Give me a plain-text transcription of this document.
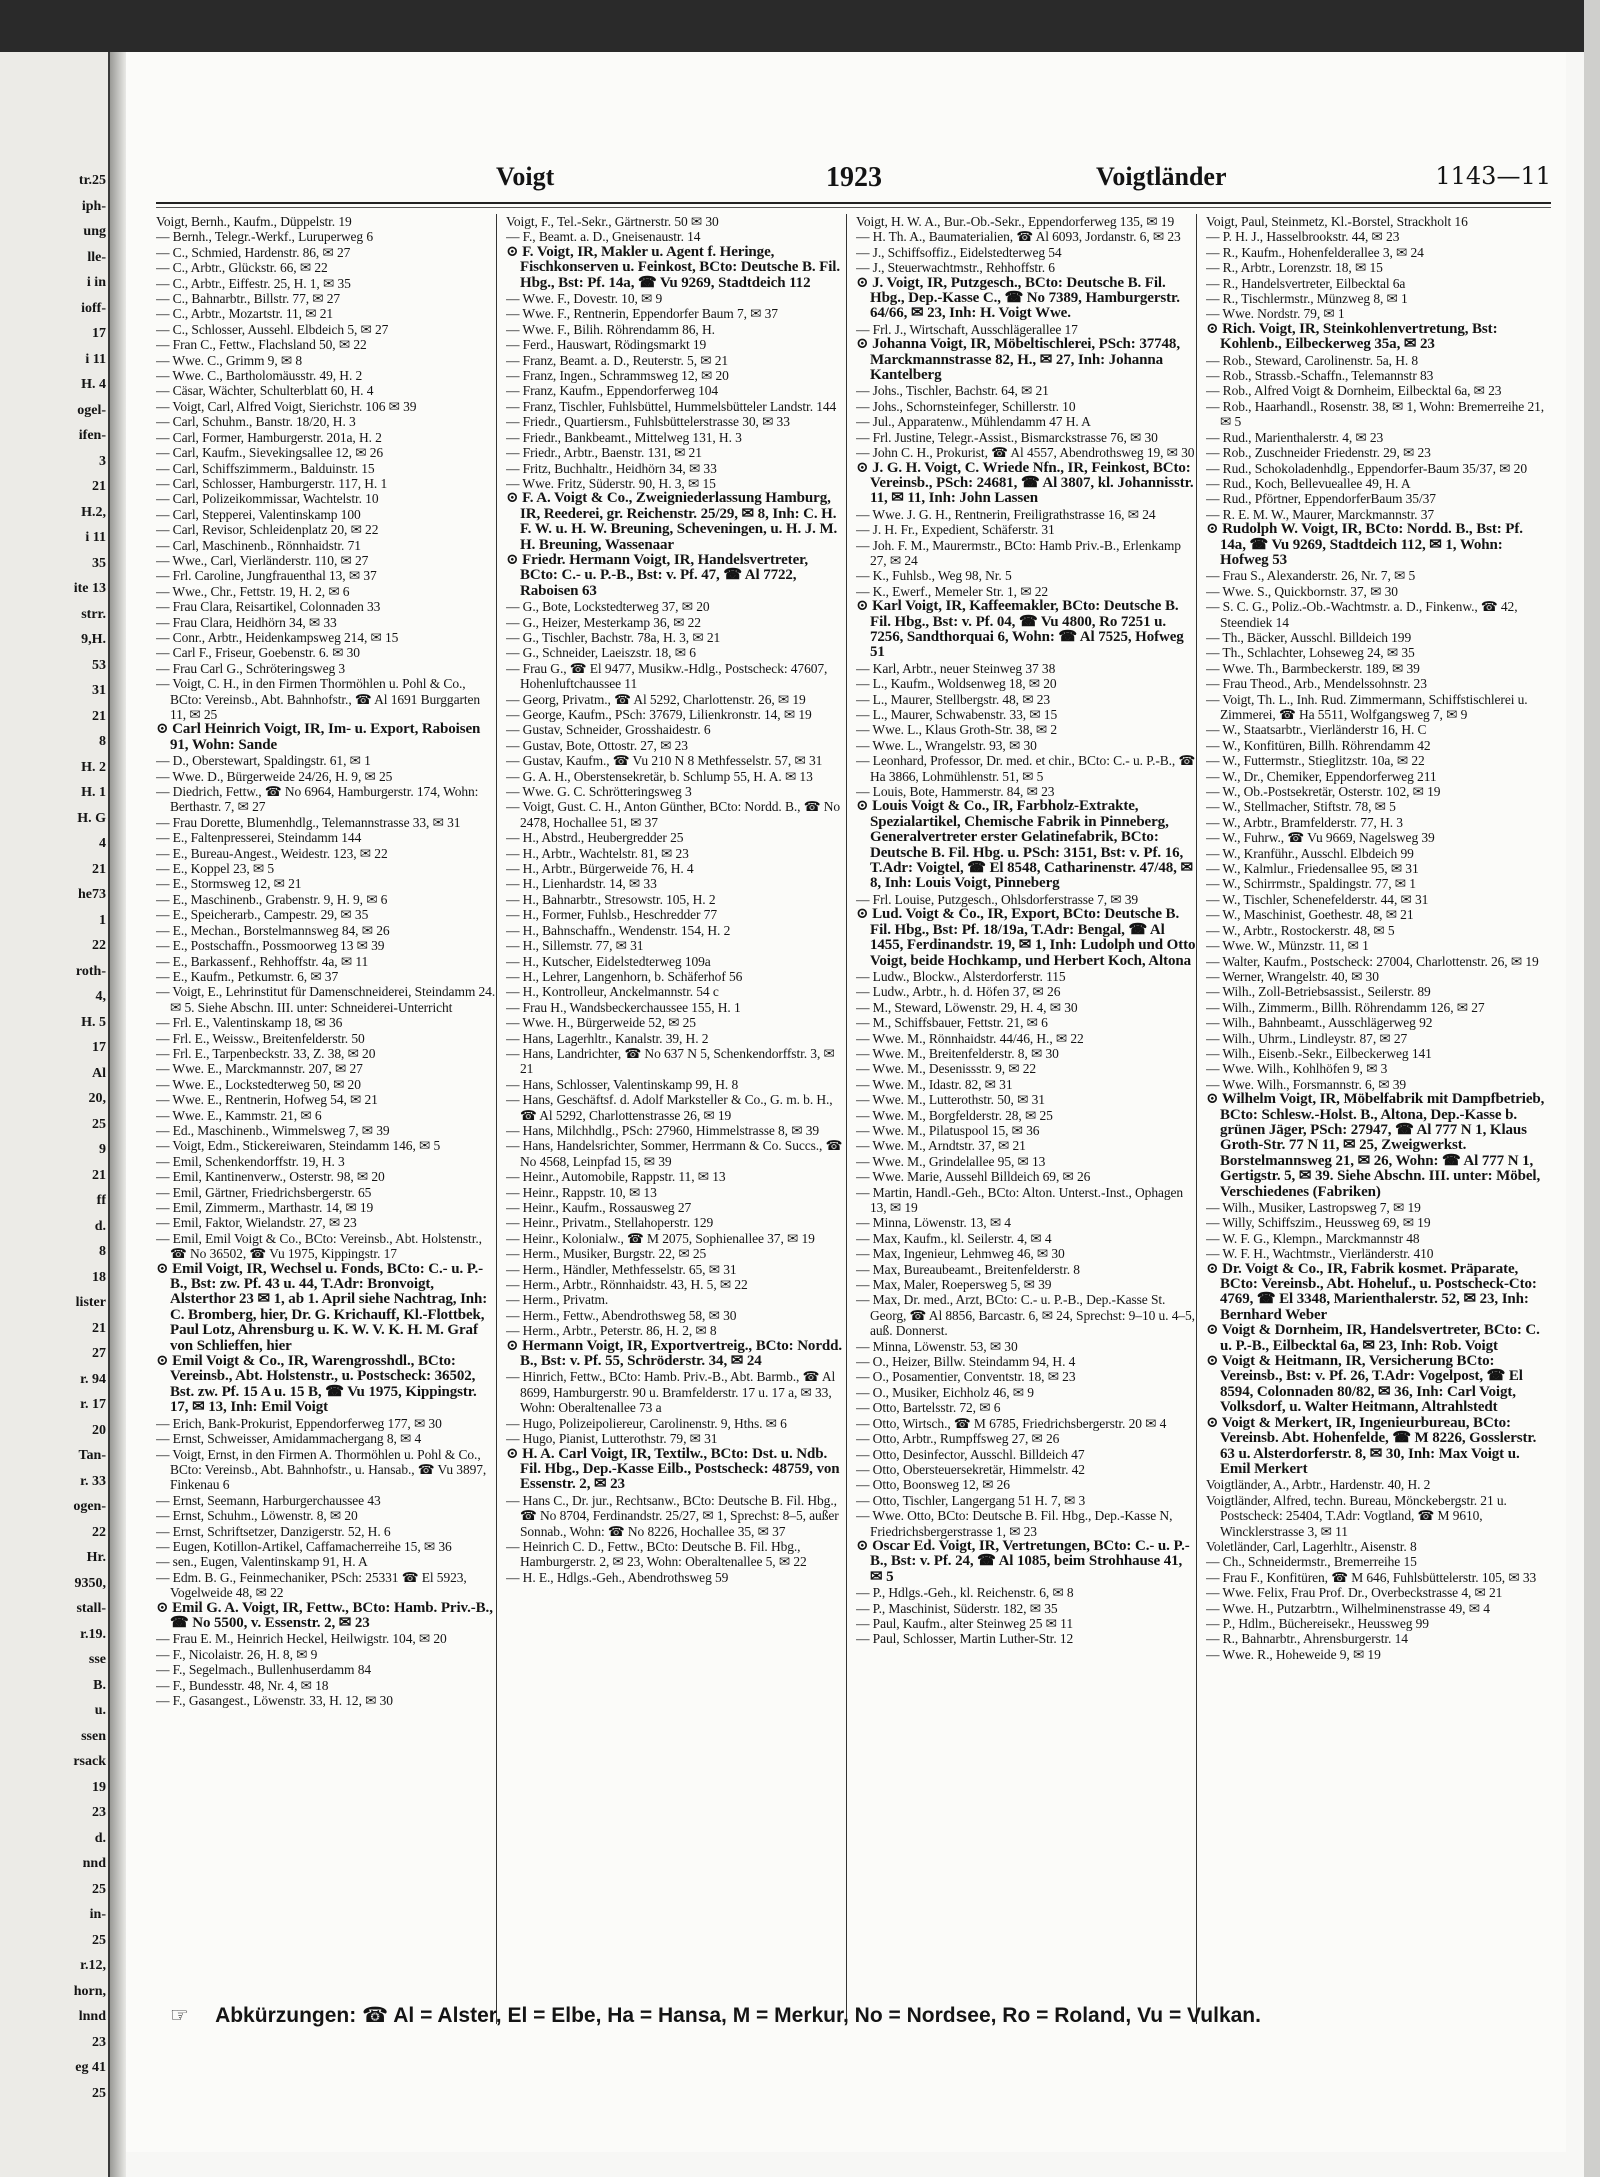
tr.25
iph-
ung
lle-
i in
ioff-
17
i 11
H. 4
ogel-
ifen-
3
21
H.2,
i 11
35
ite 13
strr.
9,H.
53
31
21
8
H. 2
H. 1
H. G
4
21
he73
1
22
roth-
4,
H. 5
17
Al
20,
25
9
21
ff
d.
8
18
lister
21
27
r. 94
r. 17
20
Tan-
r. 33
ogen-
22
Hr.
9350,
stall-
r.19.
sse
B.
u.
ssen
rsack
19
23
d.
nnd
25
in-
25
r.12,
horn,
lnnd
23
eg 41
25
Voigt	1923	Voigtländer	1143—11

Voigt, Bernh., Kaufm., Düppelstr. 19

— Bernh., Telegr.-Werkf., Luruperweg 6

— C., Schmied, Hardenstr. 86, ✉ 27

— C., Arbtr., Glückstr. 66, ✉ 22

— C., Arbtr., Eiffestr. 25, H. 1, ✉ 35

— C., Bahnarbtr., Billstr. 77, ✉ 27

— C., Arbtr., Mozartstr. 11, ✉ 21

— C., Schlosser, Aussehl. Elbdeich 5, ✉ 27

— Fran C., Fettw., Flachsland 50, ✉ 22

— Wwe. C., Grimm 9, ✉ 8

— Wwe. C., Bartholomäusstr. 49, H. 2

— Cäsar, Wächter, Schulterblatt 60, H. 4

— Voigt, Carl, Alfred Voigt, Sierichstr. 106 ✉ 39

— Carl, Schuhm., Banstr. 18/20, H. 3

— Carl, Former, Hamburgerstr. 201a, H. 2

— Carl, Kaufm., Sievekingsallee 12, ✉ 26

— Carl, Schiffszimmerm., Balduinstr. 15

— Carl, Schlosser, Hamburgerstr. 117, H. 1

— Carl, Polizeikommissar, Wachtelstr. 10

— Carl, Stepperei, Valentinskamp 100

— Carl, Revisor, Schleidenplatz 20, ✉ 22

— Carl, Maschinenb., Rönnhaidstr. 71

— Wwe., Carl, Vierländerstr. 110, ✉ 27

— Frl. Caroline, Jungfrauenthal 13, ✉ 37

— Wwe., Chr., Fettstr. 19, H. 2, ✉ 6

— Frau Clara, Reisartikel, Colonnaden 33

— Frau Clara, Heidhörn 34, ✉ 33

— Conr., Arbtr., Heidenkampsweg 214, ✉ 15

— Carl F., Friseur, Goebenstr. 6. ✉ 30

— Frau Carl G., Schröteringsweg 3

— Voigt, C. H., in den Firmen Thormöhlen u. Pohl & Co., BCto: Vereinsb., Abt. Bahnhofstr., ☎ Al 1691 Burggarten 11, ✉ 25

⊙ Carl Heinrich Voigt, IR, Im- u. Export, Raboisen 91, Wohn: Sande

— D., Oberstewart, Spaldingstr. 61, ✉ 1

— Wwe. D., Bürgerweide 24/26, H. 9, ✉ 25

— Diedrich, Fettw., ☎ No 6964, Hamburgerstr. 174, Wohn: Berthastr. 7, ✉ 27

— Frau Dorette, Blumenhdlg., Telemannstrasse 33, ✉ 31

— E., Faltenpresserei, Steindamm 144

— E., Bureau-Angest., Weidestr. 123, ✉ 22

— E., Koppel 23, ✉ 5

— E., Stormsweg 12, ✉ 21

— E., Maschinenb., Grabenstr. 9, H. 9, ✉ 6

— E., Speicherarb., Campestr. 29, ✉ 35

— E., Mechan., Borstelmannsweg 84, ✉ 26

— E., Postschaffn., Possmoorweg 13 ✉ 39

— E., Barkassenf., Rehhoffstr. 4a, ✉ 11

— E., Kaufm., Petkumstr. 6, ✉ 37

— Voigt, E., Lehrinstitut für Damenschneiderei, Steindamm 24. ✉ 5. Siehe Abschn. III. unter: Schneiderei-Unterricht

— Frl. E., Valentinskamp 18, ✉ 36

— Frl. E., Weissw., Breitenfelderstr. 50

— Frl. E., Tarpenbeckstr. 33, Z. 38, ✉ 20

— Wwe. E., Marckmannstr. 207, ✉ 27

— Wwe. E., Lockstedterweg 50, ✉ 20

— Wwe. E., Rentnerin, Hofweg 54, ✉ 21

— Wwe. E., Kammstr. 21, ✉ 6

— Ed., Maschinenb., Wimmelsweg 7, ✉ 39

— Voigt, Edm., Stickereiwaren, Steindamm 146, ✉ 5

— Emil, Schenkendorffstr. 19, H. 3

— Emil, Kantinenverw., Osterstr. 98, ✉ 20

— Emil, Gärtner, Friedrichsbergerstr. 65

— Emil, Zimmerm., Marthastr. 14, ✉ 19

— Emil, Faktor, Wielandstr. 27, ✉ 23

— Emil, Emil Voigt & Co., BCto: Vereinsb., Abt. Holstenstr., ☎ No 36502, ☎ Vu 1975, Kippingstr. 17

⊙ Emil Voigt, IR, Wechsel u. Fonds, BCto: C.- u. P.-B., Bst: zw. Pf. 43 u. 44, T.Adr: Bronvoigt, Alsterthor 23 ✉ 1, ab 1. April siehe Nachtrag, Inh: C. Bromberg, hier, Dr. G. Krichauff, Kl.-Flottbek, Paul Lotz, Ahrensburg u. K. W. V. K. H. M. Graf von Schlieffen, hier

⊙ Emil Voigt & Co., IR, Warengrosshdl., BCto: Vereinsb., Abt. Holstenstr., u. Postscheck: 36502, Bst. zw. Pf. 15 A u. 15 B, ☎ Vu 1975, Kippingstr. 17, ✉ 13, Inh: Emil Voigt

— Erich, Bank-Prokurist, Eppendorferweg 177, ✉ 30

— Ernst, Schweisser, Amidammachergang 8, ✉ 4

— Voigt, Ernst, in den Firmen A. Thormöhlen u. Pohl & Co., BCto: Vereinsb., Abt. Bahnhofstr., u. Hansab., ☎ Vu 3897, Finkenau 6

— Ernst, Seemann, Harburgerchaussee 43

— Ernst, Schuhm., Löwenstr. 8, ✉ 20

— Ernst, Schriftsetzer, Danzigerstr. 52, H. 6

— Eugen, Kotillon-Artikel, Caffamacherreihe 15, ✉ 36

— sen., Eugen, Valentinskamp 91, H. A

— Edm. B. G., Feinmechaniker, PSch: 25331 ☎ El 5923, Vogelweide 48, ✉ 22

⊙ Emil G. A. Voigt, IR, Fettw., BCto: Hamb. Priv.-B., ☎ No 5500, v. Essenstr. 2, ✉ 23

— Frau E. M., Heinrich Heckel, Heilwigstr. 104, ✉ 20

— F., Nicolaistr. 26, H. 8, ✉ 9

— F., Segelmach., Bullenhuserdamm 84

— F., Bundesstr. 48, Nr. 4, ✉ 18

— F., Gasangest., Löwenstr. 33, H. 12, ✉ 30

Voigt, F., Tel.-Sekr., Gärtnerstr. 50 ✉ 30

— F., Beamt. a. D., Gneisenaustr. 14

⊙ F. Voigt, IR, Makler u. Agent f. Heringe, Fischkonserven u. Feinkost, BCto: Deutsche B. Fil. Hbg., Bst: Pf. 14a, ☎ Vu 9269, Stadtdeich 112

— Wwe. F., Dovestr. 10, ✉ 9

— Wwe. F., Rentnerin, Eppendorfer Baum 7, ✉ 37

— Wwe. F., Bilih. Röhrendamm 86, H.

— Ferd., Hauswart, Rödingsmarkt 19

— Franz, Beamt. a. D., Reuterstr. 5, ✉ 21

— Franz, Ingen., Schrammsweg 12, ✉ 20

— Franz, Kaufm., Eppendorferweg 104

— Franz, Tischler, Fuhlsbüttel, Hummelsbütteler Landstr. 144

— Friedr., Quartiersm., Fuhlsbüttelerstrasse 30, ✉ 33

— Friedr., Bankbeamt., Mittelweg 131, H. 3

— Friedr., Arbtr., Baenstr. 131, ✉ 21

— Fritz, Buchhaltr., Heidhörn 34, ✉ 33

— Wwe. Fritz, Süderstr. 90, H. 3, ✉ 15

⊙ F. A. Voigt & Co., Zweigniederlassung Hamburg, IR, Reederei, gr. Reichenstr. 25/29, ✉ 8, Inh: C. H. F. W. u. H. W. Breuning, Scheveningen, u. H. J. M. H. Breuning, Wassenaar

⊙ Friedr. Hermann Voigt, IR, Handelsvertreter, BCto: C.- u. P.-B., Bst: v. Pf. 47, ☎ Al 7722, Raboisen 63

— G., Bote, Lockstedterweg 37, ✉ 20

— G., Heizer, Mesterkamp 36, ✉ 22

— G., Tischler, Bachstr. 78a, H. 3, ✉ 21

— G., Schneider, Laeiszstr. 18, ✉ 6

— Frau G., ☎ El 9477, Musikw.-Hdlg., Postscheck: 47607, Hohenluftchaussee 11

— Georg, Privatm., ☎ Al 5292, Charlottenstr. 26, ✉ 19

— George, Kaufm., PSch: 37679, Lilienkronstr. 14, ✉ 19

— Gustav, Schneider, Grosshaidestr. 6

— Gustav, Bote, Ottostr. 27, ✉ 23

— Gustav, Kaufm., ☎ Vu 210 N 8 Methfesselstr. 57, ✉ 31

— G. A. H., Oberstensekretär, b. Schlump 55, H. A. ✉ 13

— Wwe. G. C. Schrötteringsweg 3

— Voigt, Gust. C. H., Anton Günther, BCto: Nordd. B., ☎ No 2478, Hochallee 51, ✉ 37

— H., Abstrd., Heubergredder 25

— H., Arbtr., Wachtelstr. 81, ✉ 23

— H., Arbtr., Bürgerweide 76, H. 4

— H., Lienhardstr. 14, ✉ 33

— H., Bahnarbtr., Stresowstr. 105, H. 2

— H., Former, Fuhlsb., Heschredder 77

— H., Bahnschaffn., Wendenstr. 154, H. 2

— H., Sillemstr. 77, ✉ 31

— H., Kutscher, Eidelstedterweg 109a

— H., Lehrer, Langenhorn, b. Schäferhof 56

— H., Kontrolleur, Anckelmannstr. 54 c

— Frau H., Wandsbeckerchaussee 155, H. 1

— Wwe. H., Bürgerweide 52, ✉ 25

— Hans, Lagerhltr., Kanalstr. 39, H. 2

— Hans, Landrichter, ☎ No 637 N 5, Schenkendorffstr. 3, ✉ 21

— Hans, Schlosser, Valentinskamp 99, H. 8

— Hans, Geschäftsf. d. Adolf Marksteller & Co., G. m. b. H., ☎ Al 5292, Charlottenstrasse 26, ✉ 19

— Hans, Milchhdlg., PSch: 27960, Himmelstrasse 8, ✉ 39

— Hans, Handelsrichter, Sommer, Herrmann & Co. Succs., ☎ No 4568, Leinpfad 15, ✉ 39

— Heinr., Automobile, Rappstr. 11, ✉ 13

— Heinr., Rappstr. 10, ✉ 13

— Heinr., Kaufm., Rossausweg 27

— Heinr., Privatm., Stellahoperstr. 129

— Heinr., Kolonialw., ☎ M 2075, Sophienallee 37, ✉ 19

— Herm., Musiker, Burgstr. 22, ✉ 25

— Herm., Händler, Methfesselstr. 65, ✉ 31

— Herm., Arbtr., Rönnhaidstr. 43, H. 5, ✉ 22

— Herm., Privatm.

— Herm., Fettw., Abendrothsweg 58, ✉ 30

— Herm., Arbtr., Peterstr. 86, H. 2, ✉ 8

⊙ Hermann Voigt, IR, Exportvertreig., BCto: Nordd. B., Bst: v. Pf. 55, Schröderstr. 34, ✉ 24

— Hinrich, Fettw., BCto: Hamb. Priv.-B., Abt. Barmb., ☎ Al 8699, Hamburgerstr. 90 u. Bramfelderstr. 17 u. 17 a, ✉ 33, Wohn: Oberaltenallee 73 a

— Hugo, Polizeipoliereur, Carolinenstr. 9, Hths. ✉ 6

— Hugo, Pianist, Lutterothstr. 79, ✉ 31

⊙ H. A. Carl Voigt, IR, Textilw., BCto: Dst. u. Ndb. Fil. Hbg., Dep.-Kasse Eilb., Postscheck: 48759, von Essenstr. 2, ✉ 23

— Hans C., Dr. jur., Rechtsanw., BCto: Deutsche B. Fil. Hbg., ☎ No 8704, Ferdinandstr. 25/27, ✉ 1, Sprechst: 8–5, außer Sonnab., Wohn: ☎ No 8226, Hochallee 35, ✉ 37

— Heinrich C. D., Fettw., BCto: Deutsche B. Fil. Hbg., Hamburgerstr. 2, ✉ 23, Wohn: Oberaltenallee 5, ✉ 22

— H. E., Hdlgs.-Geh., Abendrothsweg 59

Voigt, H. W. A., Bur.-Ob.-Sekr., Eppendorferweg 135, ✉ 19

— H. Th. A., Baumaterialien, ☎ Al 6093, Jordanstr. 6, ✉ 23

— J., Schiffsoffiz., Eidelstedterweg 54

— J., Steuerwachtmstr., Rehhoffstr. 6

⊙ J. Voigt, IR, Putzgesch., BCto: Deutsche B. Fil. Hbg., Dep.-Kasse C., ☎ No 7389, Hamburgerstr. 64/66, ✉ 23, Inh: H. Voigt Wwe.

— Frl. J., Wirtschaft, Ausschlägerallee 17

⊙ Johanna Voigt, IR, Möbeltischlerei, PSch: 37748, Marckmannstrasse 82, H., ✉ 27, Inh: Johanna Kantelberg

— Johs., Tischler, Bachstr. 64, ✉ 21

— Johs., Schornsteinfeger, Schillerstr. 10

— Jul., Apparatenw., Mühlendamm 47 H. A

— Frl. Justine, Telegr.-Assist., Bismarckstrasse 76, ✉ 30

— John C. H., Prokurist, ☎ Al 4557, Abendrothsweg 19, ✉ 30

⊙ J. G. H. Voigt, C. Wriede Nfn., IR, Feinkost, BCto: Vereinsb., PSch: 24681, ☎ Al 3807, kl. Johannisstr. 11, ✉ 11, Inh: John Lassen

— Wwe. J. G. H., Rentnerin, Freiligrathstrasse 16, ✉ 24

— J. H. Fr., Expedient, Schäferstr. 31

— Joh. F. M., Maurermstr., BCto: Hamb Priv.-B., Erlenkamp 27, ✉ 24

— K., Fuhlsb., Weg 98, Nr. 5

— K., Ewerf., Memeler Str. 1, ✉ 22

⊙ Karl Voigt, IR, Kaffeemakler, BCto: Deutsche B. Fil. Hbg., Bst: v. Pf. 04, ☎ Vu 4800, Ro 7251 u. 7256, Sandthorquai 6, Wohn: ☎ Al 7525, Hofweg 51

— Karl, Arbtr., neuer Steinweg 37 38

— L., Kaufm., Woldsenweg 18, ✉ 20

— L., Maurer, Stellbergstr. 48, ✉ 23

— L., Maurer, Schwabenstr. 33, ✉ 15

— Wwe. L., Klaus Groth-Str. 38, ✉ 2

— Wwe. L., Wrangelstr. 93, ✉ 30

— Leonhard, Professor, Dr. med. et chir., BCto: C.- u. P.-B., ☎ Ha 3866, Lohmühlenstr. 51, ✉ 5

— Louis, Bote, Hammerstr. 84, ✉ 23

⊙ Louis Voigt & Co., IR, Farbholz-Extrakte, Spezialartikel, Chemische Fabrik in Pinneberg, Generalvertreter erster Gelatinefabrik, BCto: Deutsche B. Fil. Hbg. u. PSch: 3151, Bst: v. Pf. 16, T.Adr: Voigtel, ☎ El 8548, Catharinenstr. 47/48, ✉ 8, Inh: Louis Voigt, Pinneberg

— Frl. Louise, Putzgesch., Ohlsdorferstrasse 7, ✉ 39

⊙ Lud. Voigt & Co., IR, Export, BCto: Deutsche B. Fil. Hbg., Bst: Pf. 18/19a, T.Adr: Bengal, ☎ Al 1455, Ferdinandstr. 19, ✉ 1, Inh: Ludolph und Otto Voigt, beide Hochkamp, und Herbert Koch, Altona

— Ludw., Blockw., Alsterdorferstr. 115

— Ludw., Arbtr., h. d. Höfen 37, ✉ 26

— M., Steward, Löwenstr. 29, H. 4, ✉ 30

— M., Schiffsbauer, Fettstr. 21, ✉ 6

— Wwe. M., Rönnhaidstr. 44/46, H., ✉ 22

— Wwe. M., Breitenfelderstr. 8, ✉ 30

— Wwe. M., Desenissstr. 9, ✉ 22

— Wwe. M., Idastr. 82, ✉ 31

— Wwe. M., Lutterothstr. 50, ✉ 31

— Wwe. M., Borgfelderstr. 28, ✉ 25

— Wwe. M., Pilatuspool 15, ✉ 36

— Wwe. M., Arndtstr. 37, ✉ 21

— Wwe. M., Grindelallee 95, ✉ 13

— Wwe. Marie, Aussehl Billdeich 69, ✉ 26

— Martin, Handl.-Geh., BCto: Alton. Unterst.-Inst., Ophagen 13, ✉ 19

— Minna, Löwenstr. 13, ✉ 4

— Max, Kaufm., kl. Seilerstr. 4, ✉ 4

— Max, Ingenieur, Lehmweg 46, ✉ 30

— Max, Bureaubeamt., Breitenfelderstr. 8

— Max, Maler, Roepersweg 5, ✉ 39

— Max, Dr. med., Arzt, BCto: C.- u. P.-B., Dep.-Kasse St. Georg, ☎ Al 8856, Barcastr. 6, ✉ 24, Sprechst: 9–10 u. 4–5, auß. Donnerst.

— Minna, Löwenstr. 53, ✉ 30

— O., Heizer, Billw. Steindamm 94, H. 4

— O., Posamentier, Conventstr. 18, ✉ 23

— O., Musiker, Eichholz 46, ✉ 9

— Otto, Bartelsstr. 72, ✉ 6

— Otto, Wirtsch., ☎ M 6785, Friedrichsbergerstr. 20 ✉ 4

— Otto, Arbtr., Rumpffsweg 27, ✉ 26

— Otto, Desinfector, Ausschl. Billdeich 47

— Otto, Obersteuersekretär, Himmelstr. 42

— Otto, Boonsweg 12, ✉ 26

— Otto, Tischler, Langergang 51 H. 7, ✉ 3

— Wwe. Otto, BCto: Deutsche B. Fil. Hbg., Dep.-Kasse N, Friedrichsbergerstrasse 1, ✉ 23

⊙ Oscar Ed. Voigt, IR, Vertretungen, BCto: C.- u. P.-B., Bst: v. Pf. 24, ☎ Al 1085, beim Strohhause 41, ✉ 5

— P., Hdlgs.-Geh., kl. Reichenstr. 6, ✉ 8

— P., Maschinist, Süderstr. 182, ✉ 35

— Paul, Kaufm., alter Steinweg 25 ✉ 11

— Paul, Schlosser, Martin Luther-Str. 12

Voigt, Paul, Steinmetz, Kl.-Borstel, Strackholt 16

— P. H. J., Hasselbrookstr. 44, ✉ 23

— R., Kaufm., Hohenfelderallee 3, ✉ 24

— R., Arbtr., Lorenzstr. 18, ✉ 15

— R., Handelsvertreter, Eilbecktal 6a

— R., Tischlermstr., Münzweg 8, ✉ 1

— Wwe. Nordstr. 79, ✉ 1

⊙ Rich. Voigt, IR, Steinkohlenvertretung, Bst: Kohlenb., Eilbeckerweg 35a, ✉ 23

— Rob., Steward, Carolinenstr. 5a, H. 8

— Rob., Strassb.-Schaffn., Telemannstr 83

— Rob., Alfred Voigt & Dornheim, Eilbecktal 6a, ✉ 23

— Rob., Haarhandl., Rosenstr. 38, ✉ 1, Wohn: Bremerreihe 21, ✉ 5

— Rud., Marienthalerstr. 4, ✉ 23

— Rob., Zuschneider Friedenstr. 29, ✉ 23

— Rud., Schokoladenhdlg., Eppendorfer-Baum 35/37, ✉ 20

— Rud., Koch, Bellevueallee 49, H. A

— Rud., Pförtner, EppendorferBaum 35/37

— R. E. M. W., Maurer, Marckmannstr. 37

⊙ Rudolph W. Voigt, IR, BCto: Nordd. B., Bst: Pf. 14a, ☎ Vu 9269, Stadtdeich 112, ✉ 1, Wohn: Hofweg 53

— Frau S., Alexanderstr. 26, Nr. 7, ✉ 5

— Wwe. S., Quickbornstr. 37, ✉ 30

— S. C. G., Poliz.-Ob.-Wachtmstr. a. D., Finkenw., ☎ 42, Steendiek 14

— Th., Bäcker, Ausschl. Billdeich 199

— Th., Schlachter, Lohseweg 24, ✉ 35

— Wwe. Th., Barmbeckerstr. 189, ✉ 39

— Frau Theod., Arb., Mendelssohnstr. 23

— Voigt, Th. L., Inh. Rud. Zimmermann, Schiffstischlerei u. Zimmerei, ☎ Ha 5511, Wolfgangsweg 7, ✉ 9

— W., Staatsarbtr., Vierländerstr 16, H. C

— W., Konfitüren, Billh. Röhrendamm 42

— W., Futtermstr., Stieglitzstr. 10a, ✉ 22

— W., Dr., Chemiker, Eppendorferweg 211

— W., Ob.-Postsekretär, Osterstr. 102, ✉ 19

— W., Stellmacher, Stiftstr. 78, ✉ 5

— W., Arbtr., Bramfelderstr. 77, H. 3

— W., Fuhrw., ☎ Vu 9669, Nagelsweg 39

— W., Kranführ., Ausschl. Elbdeich 99

— W., Kalmlur., Friedensallee 95, ✉ 31

— W., Schirrmstr., Spaldingstr. 77, ✉ 1

— W., Tischler, Schenefelderstr. 44, ✉ 31

— W., Maschinist, Goethestr. 48, ✉ 21

— W., Arbtr., Rostockerstr. 48, ✉ 5

— Wwe. W., Münzstr. 11, ✉ 1

— Walter, Kaufm., Postscheck: 27004, Charlottenstr. 26, ✉ 19

— Werner, Wrangelstr. 40, ✉ 30

— Wilh., Zoll-Betriebsassist., Seilerstr. 89

— Wilh., Zimmerm., Billh. Röhrendamm 126, ✉ 27

— Wilh., Bahnbeamt., Ausschlägerweg 92

— Wilh., Uhrm., Lindleystr. 87, ✉ 27

— Wilh., Eisenb.-Sekr., Eilbeckerweg 141

— Wwe. Wilh., Kohlhöfen 9, ✉ 3

— Wwe. Wilh., Forsmannstr. 6, ✉ 39

⊙ Wilhelm Voigt, IR, Möbelfabrik mit Dampfbetrieb, BCto: Schlesw.-Holst. B., Altona, Dep.-Kasse b. grünen Jäger, PSch: 27947, ☎ Al 777 N 1, Klaus Groth-Str. 77 N 11, ✉ 25, Zweigwerkst. Borstelmannsweg 21, ✉ 26, Wohn: ☎ Al 777 N 1, Gertigstr. 5, ✉ 39. Siehe Abschn. III. unter: Möbel, Verschiedenes (Fabriken)

— Wilh., Musiker, Lastropsweg 7, ✉ 19

— Willy, Schiffszim., Heussweg 69, ✉ 19

— W. F. G., Klempn., Marckmannstr 48

— W. F. H., Wachtmstr., Vierländerstr. 410

⊙ Dr. Voigt & Co., IR, Fabrik kosmet. Präparate, BCto: Vereinsb., Abt. Hoheluf., u. Postscheck-Cto: 4769, ☎ El 3348, Marienthalerstr. 52, ✉ 23, Inh: Bernhard Weber

⊙ Voigt & Dornheim, IR, Handelsvertreter, BCto: C. u. P.-B., Eilbecktal 6a, ✉ 23, Inh: Rob. Voigt

⊙ Voigt & Heitmann, IR, Versicherung BCto: Vereinsb., Bst: v. Pf. 26, T.Adr: Vogelpost, ☎ El 8594, Colonnaden 80/82, ✉ 36, Inh: Carl Voigt, Volksdorf, u. Walter Heitmann, Altrahlstedt

⊙ Voigt & Merkert, IR, Ingenieurbureau, BCto: Vereinsb. Abt. Hohenfelde, ☎ M 8226, Gosslerstr. 63 u. Alsterdorferstr. 8, ✉ 30, Inh: Max Voigt u. Emil Merkert

Voigtländer, A., Arbtr., Hardenstr. 40, H. 2

Voigtländer, Alfred, techn. Bureau, Mönckebergstr. 21 u. Postscheck: 25404, T.Adr: Vogtland, ☎ M 9610, Wincklerstrasse 3, ✉ 11

Voletländer, Carl, Lagerhltr., Aisenstr. 8

— Ch., Schneidermstr., Bremerreihe 15

— Frau F., Konfitüren, ☎ M 646, Fuhlsbüttelerstr. 105, ✉ 33

— Wwe. Felix, Frau Prof. Dr., Overbeckstrasse 4, ✉ 21

— Wwe. H., Putzarbtrn., Wilhelminenstrasse 49, ✉ 4

— P., Hdlm., Büchereisekr., Heussweg 99

— R., Bahnarbtr., Ahrensburgerstr. 14

— Wwe. R., Hoheweide 9, ✉ 19

☞ Abkürzungen: ☎ Al = Alster, El = Elbe, Ha = Hansa, M = Merkur, No = Nordsee, Ro = Roland, Vu = Vulkan.
